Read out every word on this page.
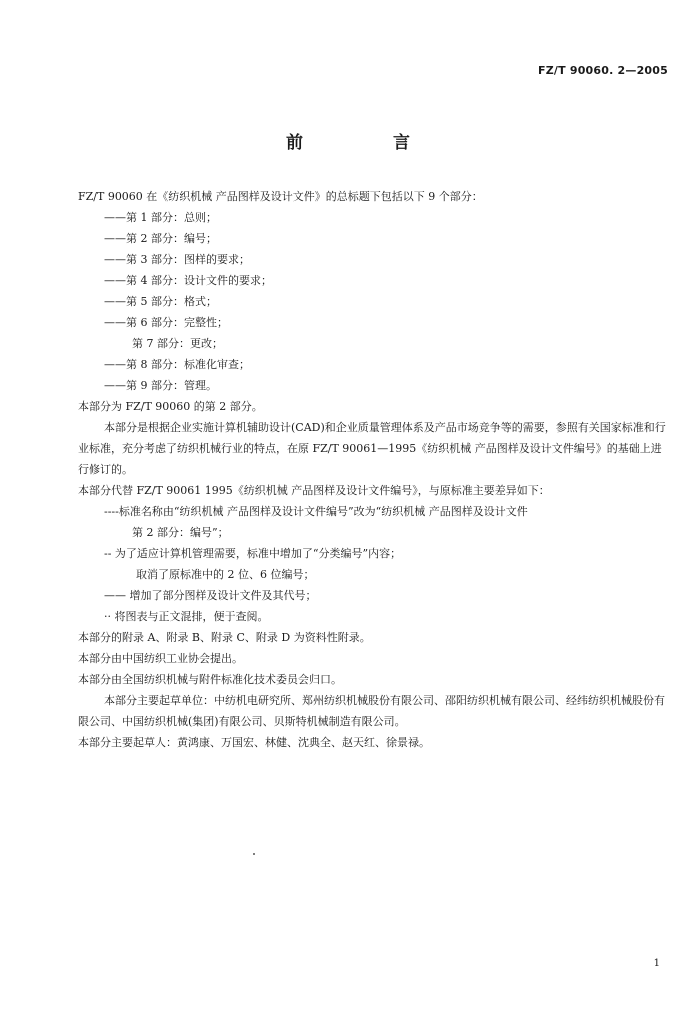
FZ/T 90060. 2—2005
前 言

FZ/T 90060 在《纺织机械 产品图样及设计文件》的总标题下包括以下 9 个部分：

——第 1 部分：总则；

——第 2 部分：编号；

——第 3 部分：图样的要求；

——第 4 部分：设计文件的要求；

——第 5 部分：格式；

——第 6 部分：完整性；

第 7 部分：更改；

——第 8 部分：标准化审查；

——第 9 部分：管理。

本部分为 FZ/T 90060 的第 2 部分。

本部分是根据企业实施计算机辅助设计(CAD)和企业质量管理体系及产品市场竞争等的需要，参照有关国家标准和行业标准，充分考虑了纺织机械行业的特点，在原 FZ/T 90061—1995《纺织机械 产品图样及设计文件编号》的基础上进行修订的。

本部分代替 FZ/T 90061 1995《纺织机械 产品图样及设计文件编号》，与原标准主要差异如下：

----标准名称由“纺织机械 产品图样及设计文件编号”改为“纺织机械 产品图样及设计文件

第 2 部分：编号”；

-- 为了适应计算机管理需要，标准中增加了“分类编号”内容；

取消了原标准中的 2 位、6 位编号；

—— 增加了部分图样及设计文件及其代号；

·· 将图表与正文混排，便于查阅。

本部分的附录 A、附录 B、附录 C、附录 D 为资料性附录。

本部分由中国纺织工业协会提出。

本部分由全国纺织机械与附件标准化技术委员会归口。

本部分主要起草单位：中纺机电研究所、郑州纺织机械股份有限公司、邵阳纺织机械有限公司、经纬纺织机械股份有限公司、中国纺织机械(集团)有限公司、贝斯特机械制造有限公司。

本部分主要起草人：黄鸿康、万国宏、林健、沈典全、赵天红、徐景禄。

1
